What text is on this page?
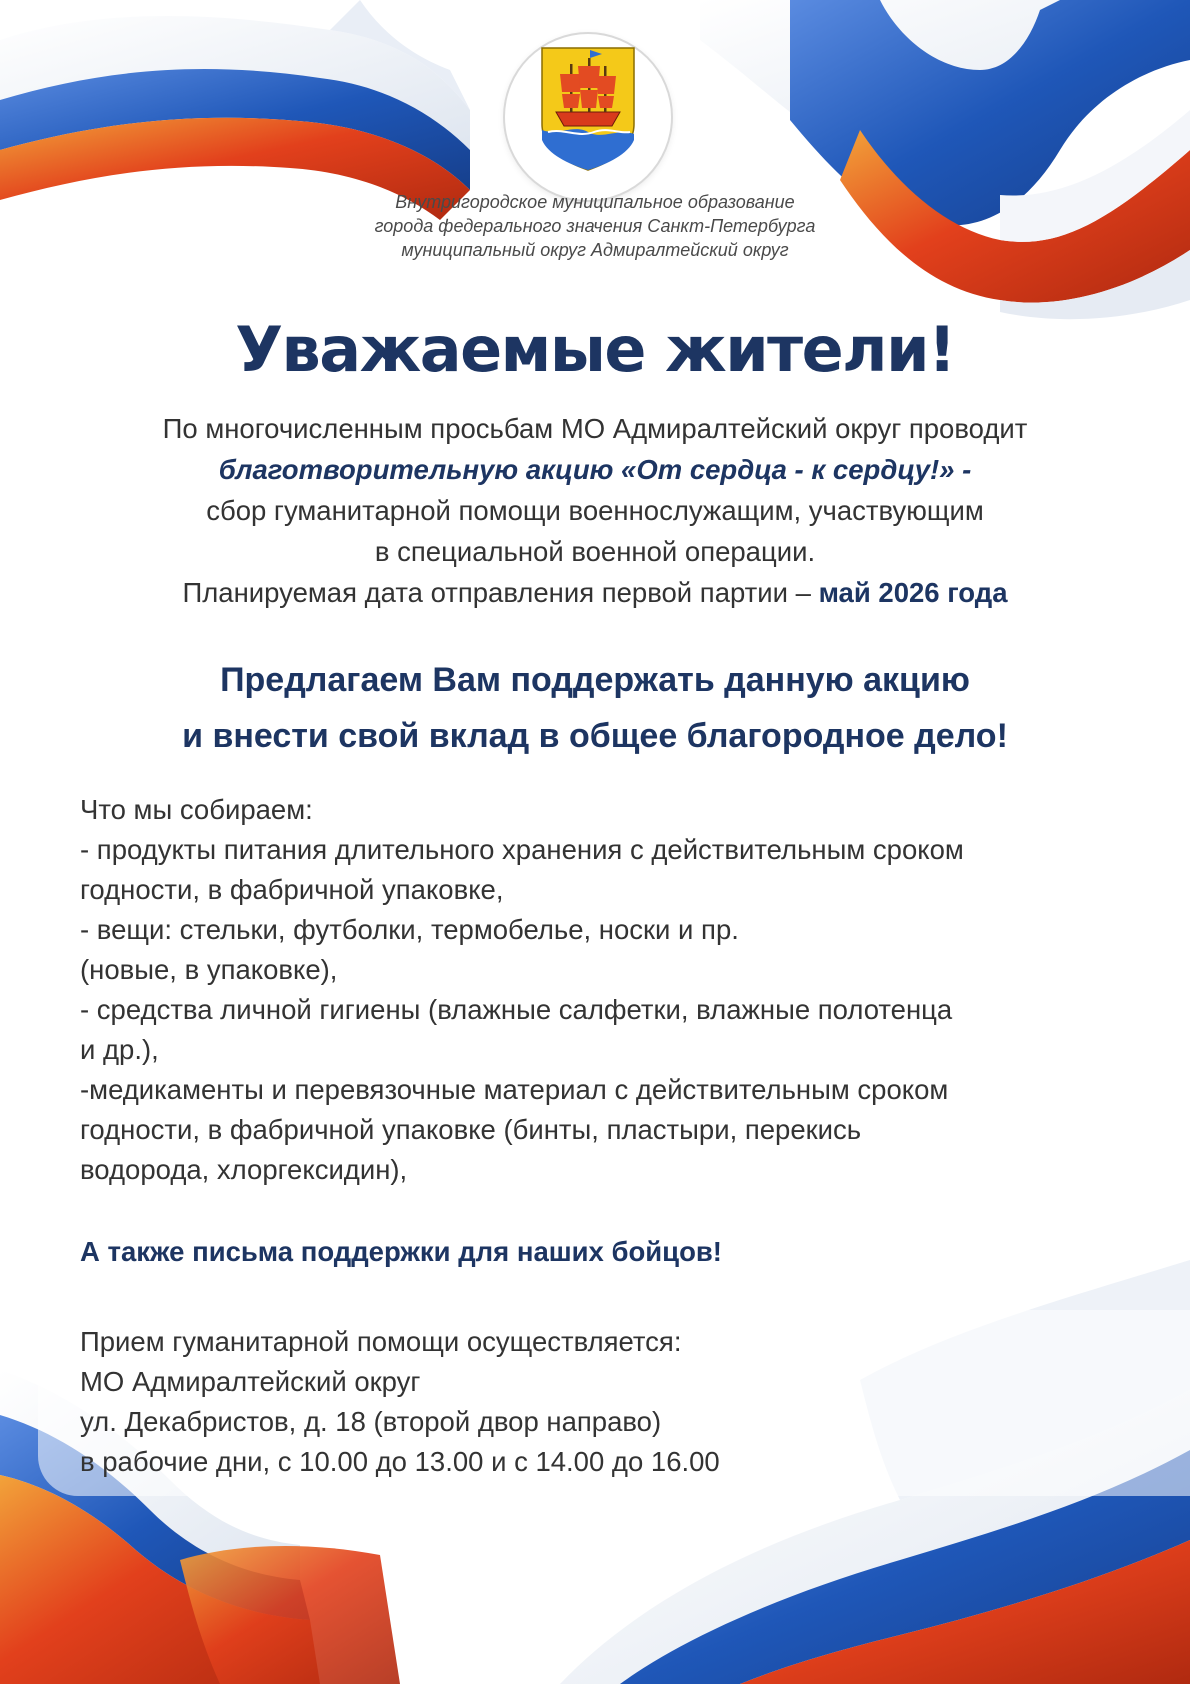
Внутригородское муниципальное образование
города федерального значения Санкт-Петербурга
муниципальный округ Адмиралтейский округ
Уважаемые жители!
По многочисленным просьбам МО Адмиралтейский округ проводит
благотворительную акцию «От сердца - к сердцу!» -
сбор гуманитарной помощи военнослужащим, участвующим
в специальной военной операции.
Планируемая дата отправления первой партии – май 2026 года
Предлагаем Вам поддержать данную акцию
и внести свой вклад в общее благородное дело!
Что мы собираем:
- продукты питания длительного хранения с действительным сроком
годности, в фабричной упаковке,
- вещи: стельки, футболки, термобелье, носки и пр.
(новые, в упаковке),
- средства личной гигиены (влажные салфетки, влажные полотенца
и др.),
-медикаменты и перевязочные материал с действительным сроком
годности, в фабричной упаковке (бинты, пластыри, перекись
водорода, хлоргексидин),
А также письма поддержки для наших бойцов!
Прием гуманитарной помощи осуществляется:
МО Адмиралтейский округ
ул. Декабристов, д. 18 (второй двор направо)
в рабочие дни, с 10.00 до 13.00 и с 14.00 до 16.00
